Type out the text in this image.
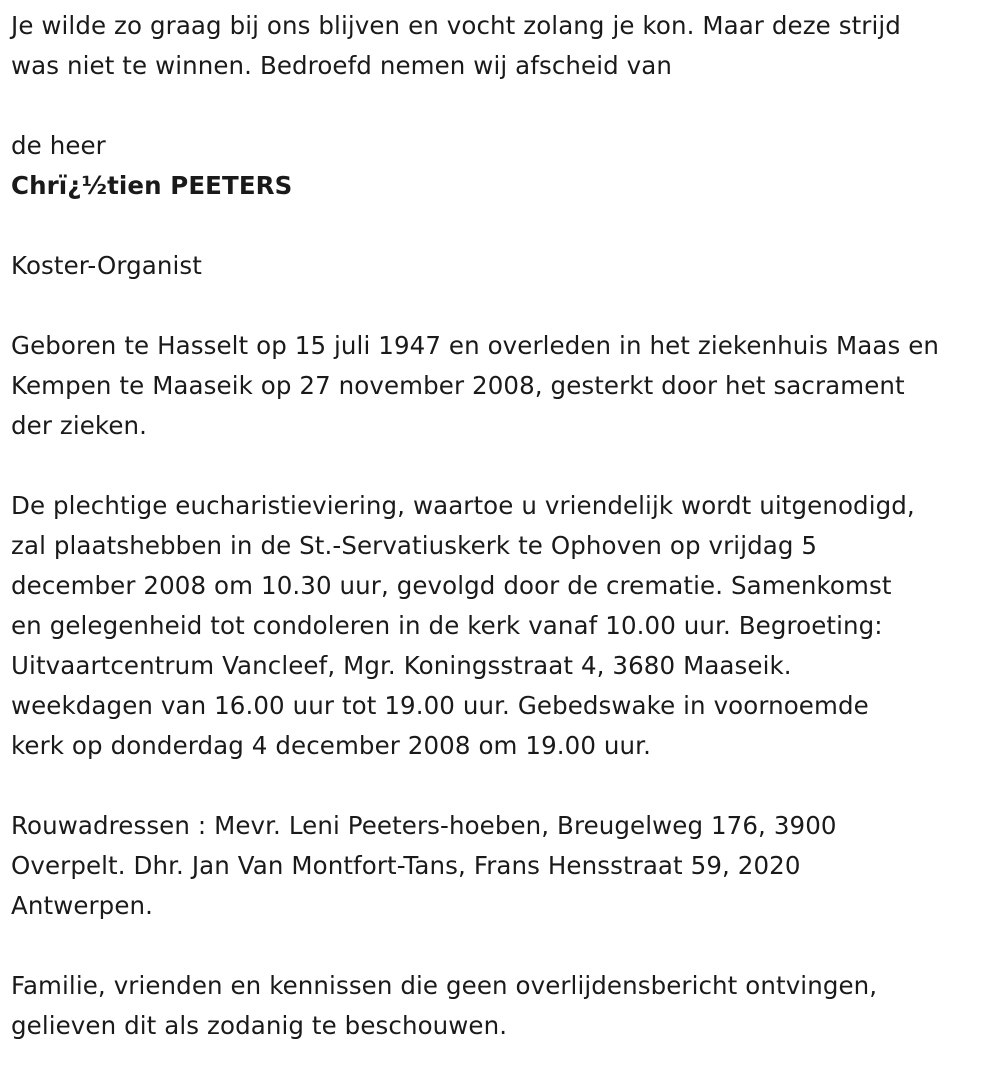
Je wilde zo graag bij ons blijven en vocht zolang je kon. Maar deze strijd
was niet te winnen. Bedroefd nemen wij afscheid van

de heer

Chrï¿½tien PEETERS

Koster-Organist

Geboren te Hasselt op 15 juli 1947 en overleden in het ziekenhuis Maas en
Kempen te Maaseik op 27 november 2008, gesterkt door het sacrament
der zieken.

De plechtige eucharistieviering, waartoe u vriendelijk wordt uitgenodigd,
zal plaatshebben in de St.-Servatiuskerk te Ophoven op vrijdag 5
december 2008 om 10.30 uur, gevolgd door de crematie. Samenkomst
en gelegenheid tot condoleren in de kerk vanaf 10.00 uur. Begroeting:
Uitvaartcentrum Vancleef, Mgr. Koningsstraat 4, 3680 Maaseik.
weekdagen van 16.00 uur tot 19.00 uur. Gebedswake in voornoemde
kerk op donderdag 4 december 2008 om 19.00 uur.

Rouwadressen : Mevr. Leni Peeters-hoeben, Breugelweg 176, 3900
Overpelt. Dhr. Jan Van Montfort-Tans, Frans Hensstraat 59, 2020
Antwerpen.

Familie, vrienden en kennissen die geen overlijdensbericht ontvingen,
gelieven dit als zodanig te beschouwen.
